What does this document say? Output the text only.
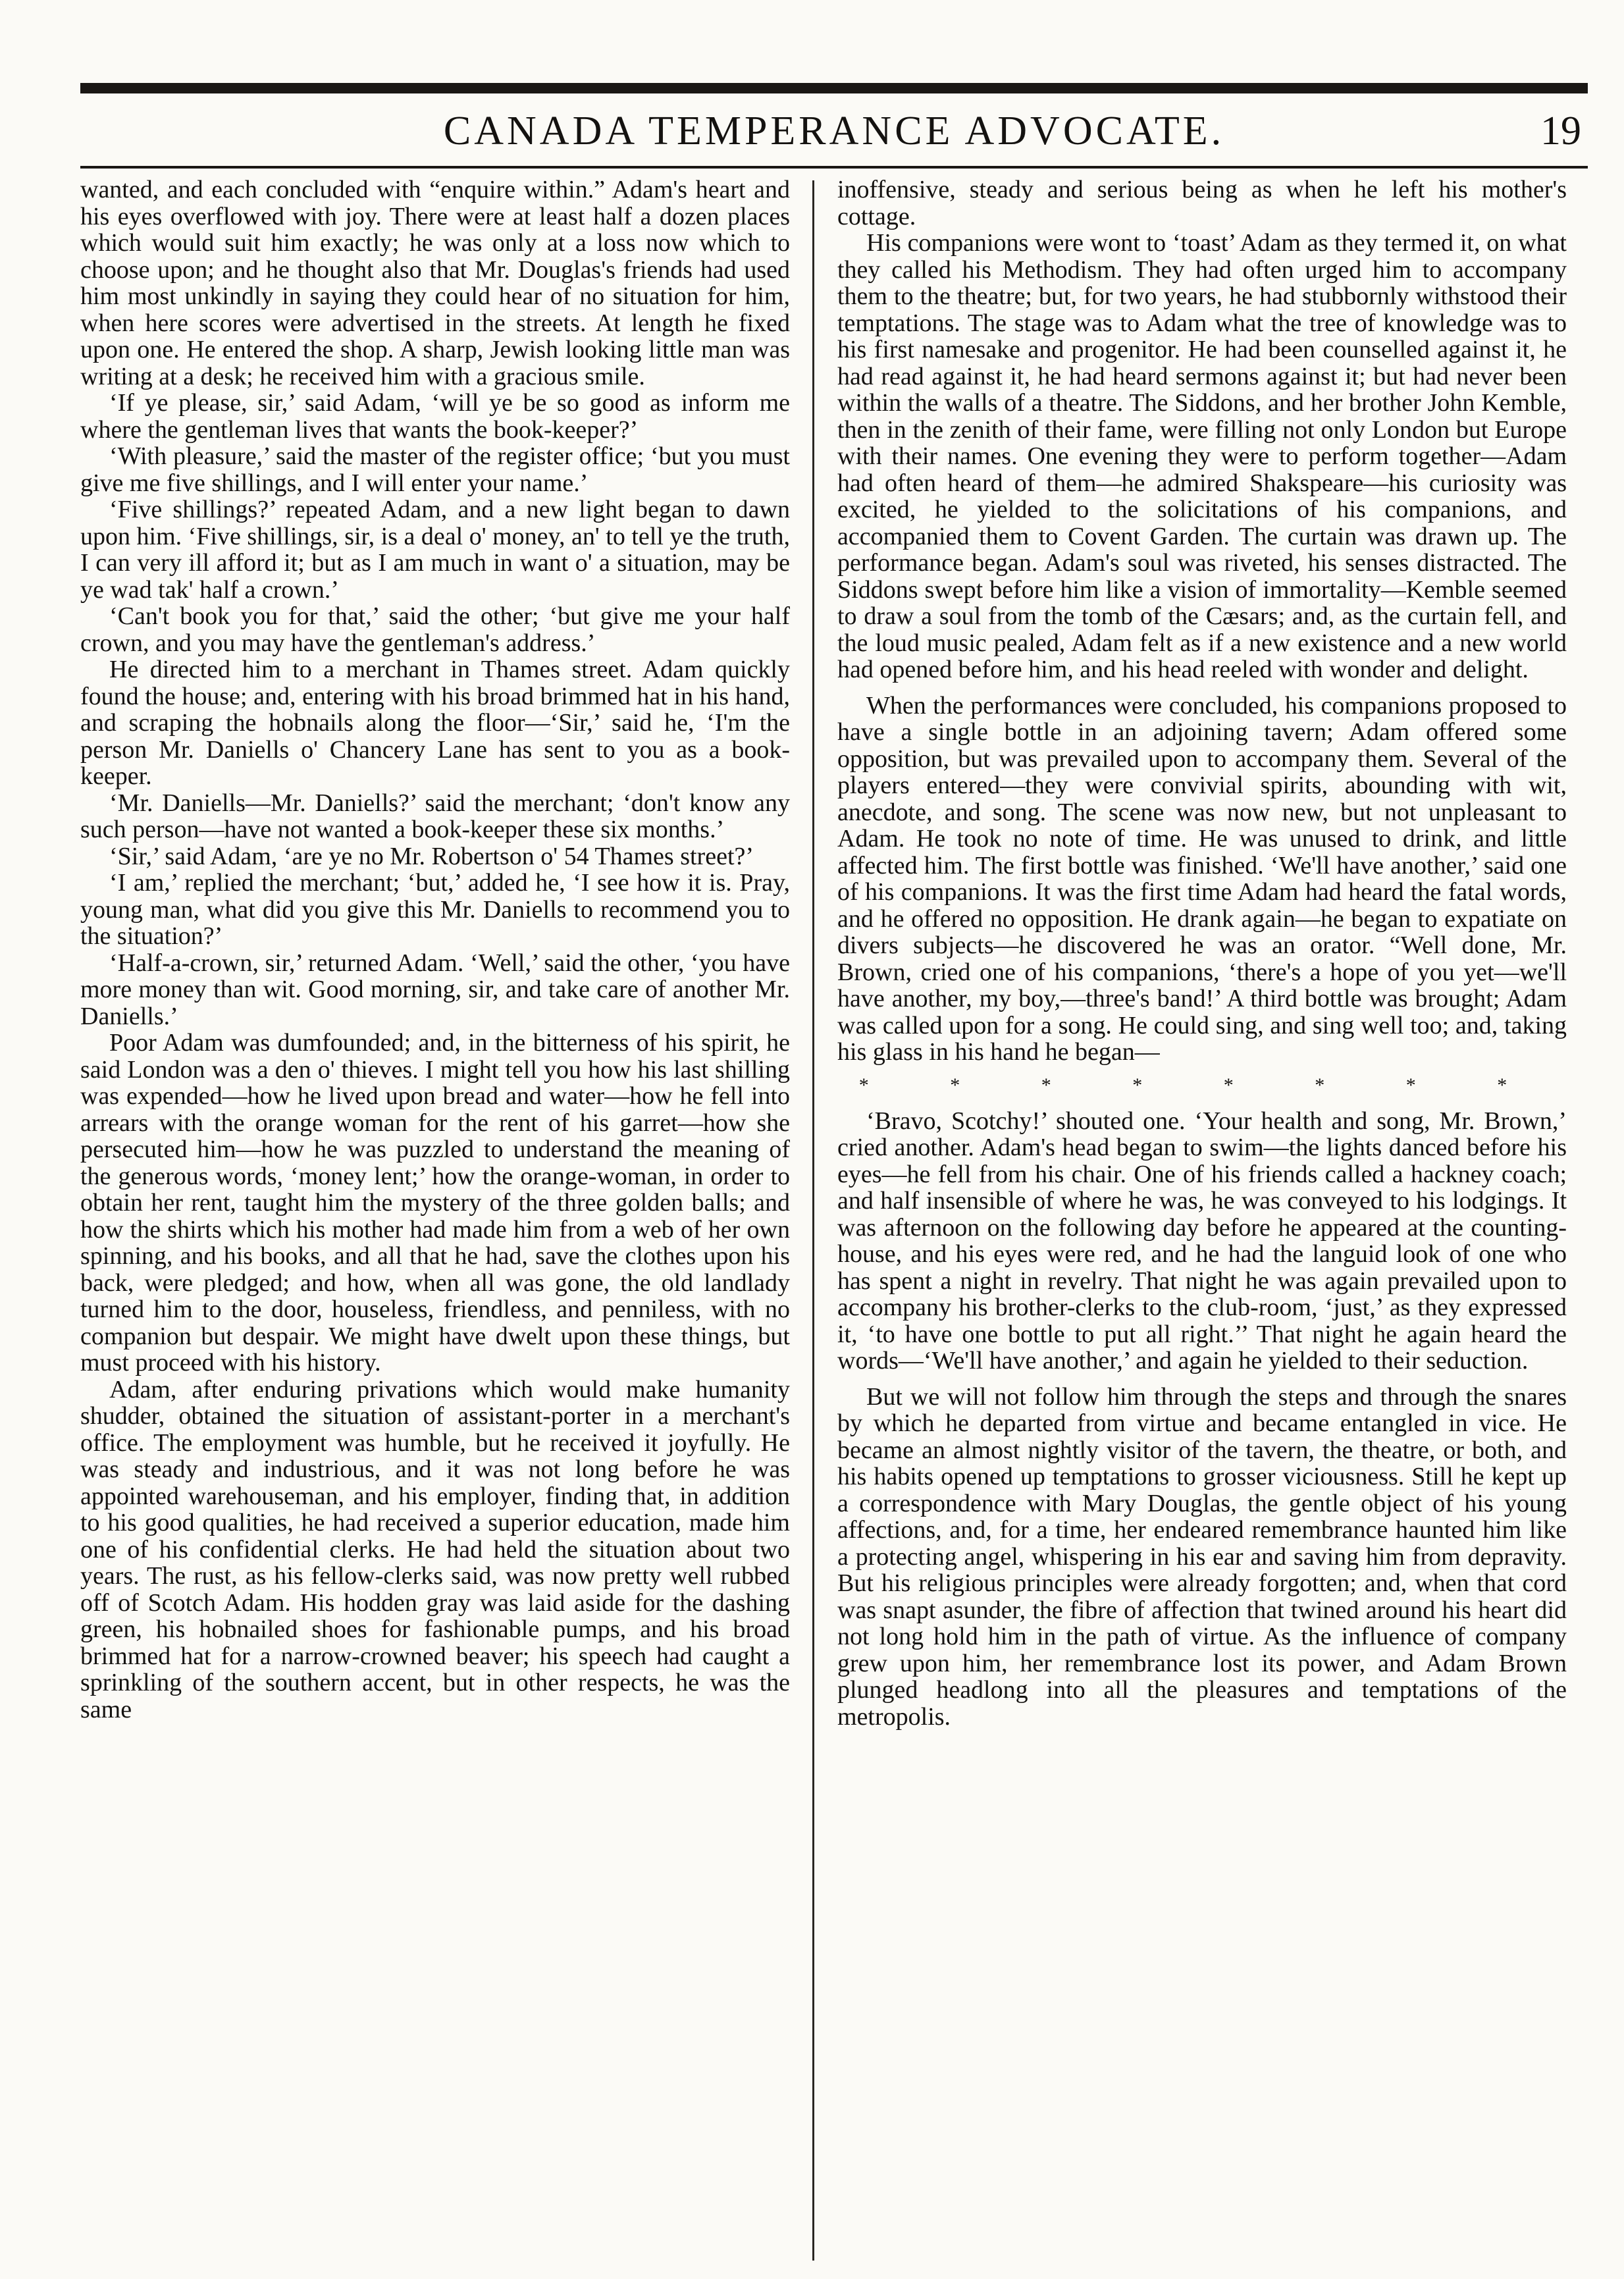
CANADA TEMPERANCE ADVOCATE.	19

wanted, and each concluded with “enquire within.” Adam's heart and his eyes overflowed with joy. There were at least half a dozen places which would suit him exactly; he was only at a loss now which to choose upon; and he thought also that Mr. Douglas's friends had used him most unkindly in saying they could hear of no situation for him, when here scores were advertised in the streets. At length he fixed upon one. He entered the shop. A sharp, Jewish looking little man was writing at a desk; he received him with a gracious smile.

‘If ye please, sir,’ said Adam, ‘will ye be so good as inform me where the gentleman lives that wants the book-keeper?’

‘With pleasure,’ said the master of the register office; ‘but you must give me five shillings, and I will enter your name.’

‘Five shillings?’ repeated Adam, and a new light began to dawn upon him. ‘Five shillings, sir, is a deal o' money, an' to tell ye the truth, I can very ill afford it; but as I am much in want o' a situation, may be ye wad tak' half a crown.’

‘Can't book you for that,’ said the other; ‘but give me your half crown, and you may have the gentleman's address.’

He directed him to a merchant in Thames street. Adam quickly found the house; and, entering with his broad brimmed hat in his hand, and scraping the hobnails along the floor—‘Sir,’ said he, ‘I'm the person Mr. Daniells o' Chancery Lane has sent to you as a book-keeper.

‘Mr. Daniells—Mr. Daniells?’ said the merchant; ‘don't know any such person—have not wanted a book-keeper these six months.’

‘Sir,’ said Adam, ‘are ye no Mr. Robertson o' 54 Thames street?’

‘I am,’ replied the merchant; ‘but,’ added he, ‘I see how it is. Pray, young man, what did you give this Mr. Daniells to recommend you to the situation?’

‘Half-a-crown, sir,’ returned Adam. ‘Well,’ said the other, ‘you have more money than wit. Good morning, sir, and take care of another Mr. Daniells.’

Poor Adam was dumfounded; and, in the bitterness of his spirit, he said London was a den o' thieves. I might tell you how his last shilling was expended—how he lived upon bread and water—how he fell into arrears with the orange woman for the rent of his garret—how she persecuted him—how he was puzzled to understand the meaning of the generous words, ‘money lent;’ how the orange-woman, in order to obtain her rent, taught him the mystery of the three golden balls; and how the shirts which his mother had made him from a web of her own spinning, and his books, and all that he had, save the clothes upon his back, were pledged; and how, when all was gone, the old landlady turned him to the door, houseless, friendless, and penniless, with no companion but despair. We might have dwelt upon these things, but must proceed with his history.

Adam, after enduring privations which would make humanity shudder, obtained the situation of assistant-porter in a merchant's office. The employment was humble, but he received it joyfully. He was steady and industrious, and it was not long before he was appointed warehouseman, and his employer, finding that, in addition to his good qualities, he had received a superior education, made him one of his confidential clerks. He had held the situation about two years. The rust, as his fellow-clerks said, was now pretty well rubbed off of Scotch Adam. His hodden gray was laid aside for the dashing green, his hobnailed shoes for fashionable pumps, and his broad brimmed hat for a narrow-crowned beaver; his speech had caught a sprinkling of the southern accent, but in other respects, he was the same

inoffensive, steady and serious being as when he left his mother's cottage.

His companions were wont to ‘toast’ Adam as they termed it, on what they called his Methodism. They had often urged him to accompany them to the theatre; but, for two years, he had stubbornly withstood their temptations. The stage was to Adam what the tree of knowledge was to his first namesake and progenitor. He had been counselled against it, he had read against it, he had heard sermons against it; but had never been within the walls of a theatre. The Siddons, and her brother John Kemble, then in the zenith of their fame, were filling not only London but Europe with their names. One evening they were to perform together—Adam had often heard of them—he admired Shakspeare—his curiosity was excited, he yielded to the solicitations of his companions, and accompanied them to Covent Garden. The curtain was drawn up. The performance began. Adam's soul was riveted, his senses distracted. The Siddons swept before him like a vision of immortality—Kemble seemed to draw a soul from the tomb of the Cæsars; and, as the curtain fell, and the loud music pealed, Adam felt as if a new existence and a new world had opened before him, and his head reeled with wonder and delight.

When the performances were concluded, his companions proposed to have a single bottle in an adjoining tavern; Adam offered some opposition, but was prevailed upon to accompany them. Several of the players entered—they were convivial spirits, abounding with wit, anecdote, and song. The scene was now new, but not unpleasant to Adam. He took no note of time. He was unused to drink, and little affected him. The first bottle was finished. ‘We'll have another,’ said one of his companions. It was the first time Adam had heard the fatal words, and he offered no opposition. He drank again—he began to expatiate on divers subjects—he discovered he was an orator. “Well done, Mr. Brown, cried one of his companions, ‘there's a hope of you yet—we'll have another, my boy,—three's band!’ A third bottle was brought; Adam was called upon for a song. He could sing, and sing well too; and, taking his glass in his hand he began—

* * * * * * * *

‘Bravo, Scotchy!’ shouted one. ‘Your health and song, Mr. Brown,’ cried another. Adam's head began to swim—the lights danced before his eyes—he fell from his chair. One of his friends called a hackney coach; and half insensible of where he was, he was conveyed to his lodgings. It was afternoon on the following day before he appeared at the counting-house, and his eyes were red, and he had the languid look of one who has spent a night in revelry. That night he was again prevailed upon to accompany his brother-clerks to the club-room, ‘just,’ as they expressed it, ‘to have one bottle to put all right.’’ That night he again heard the words—‘We'll have another,’ and again he yielded to their seduction.

But we will not follow him through the steps and through the snares by which he departed from virtue and became entangled in vice. He became an almost nightly visitor of the tavern, the theatre, or both, and his habits opened up temptations to grosser viciousness. Still he kept up a correspondence with Mary Douglas, the gentle object of his young affections, and, for a time, her endeared remembrance haunted him like a protecting angel, whispering in his ear and saving him from depravity. But his religious principles were already forgotten; and, when that cord was snapt asunder, the fibre of affection that twined around his heart did not long hold him in the path of virtue. As the influence of company grew upon him, her remembrance lost its power, and Adam Brown plunged headlong into all the pleasures and temptations of the metropolis.
